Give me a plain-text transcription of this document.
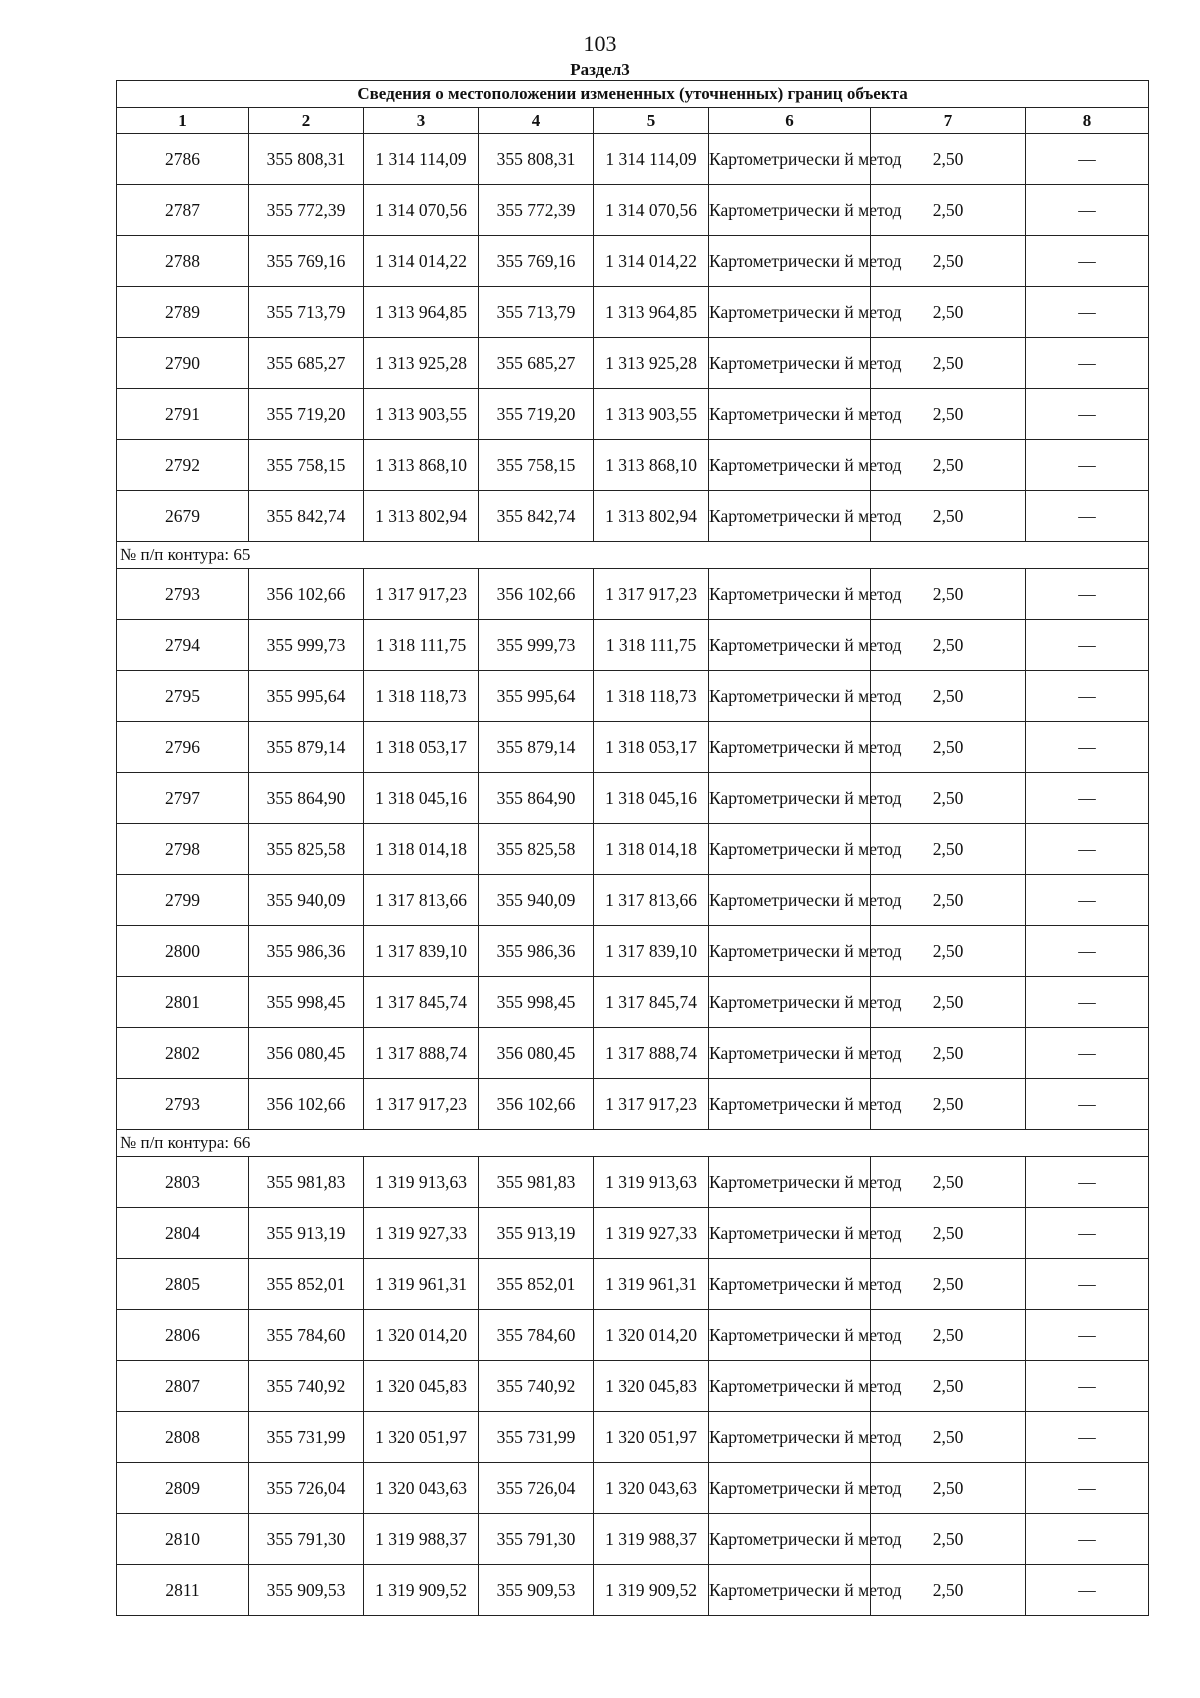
103
Раздел3
Сведения о местоположении измененных (уточненных) границ объекта							
1	2	3	4	5	6	7	8
2786	355 808,31	1 314 114,09	355 808,31	1 314 114,09	Картометрически й метод	2,50	—
2787	355 772,39	1 314 070,56	355 772,39	1 314 070,56	Картометрически й метод	2,50	—
2788	355 769,16	1 314 014,22	355 769,16	1 314 014,22	Картометрически й метод	2,50	—
2789	355 713,79	1 313 964,85	355 713,79	1 313 964,85	Картометрически й метод	2,50	—
2790	355 685,27	1 313 925,28	355 685,27	1 313 925,28	Картометрически й метод	2,50	—
2791	355 719,20	1 313 903,55	355 719,20	1 313 903,55	Картометрически й метод	2,50	—
2792	355 758,15	1 313 868,10	355 758,15	1 313 868,10	Картометрически й метод	2,50	—
2679	355 842,74	1 313 802,94	355 842,74	1 313 802,94	Картометрически й метод	2,50	—
№ п/п контура: 65							
2793	356 102,66	1 317 917,23	356 102,66	1 317 917,23	Картометрически й метод	2,50	—
2794	355 999,73	1 318 111,75	355 999,73	1 318 111,75	Картометрически й метод	2,50	—
2795	355 995,64	1 318 118,73	355 995,64	1 318 118,73	Картометрически й метод	2,50	—
2796	355 879,14	1 318 053,17	355 879,14	1 318 053,17	Картометрически й метод	2,50	—
2797	355 864,90	1 318 045,16	355 864,90	1 318 045,16	Картометрически й метод	2,50	—
2798	355 825,58	1 318 014,18	355 825,58	1 318 014,18	Картометрически й метод	2,50	—
2799	355 940,09	1 317 813,66	355 940,09	1 317 813,66	Картометрически й метод	2,50	—
2800	355 986,36	1 317 839,10	355 986,36	1 317 839,10	Картометрически й метод	2,50	—
2801	355 998,45	1 317 845,74	355 998,45	1 317 845,74	Картометрически й метод	2,50	—
2802	356 080,45	1 317 888,74	356 080,45	1 317 888,74	Картометрически й метод	2,50	—
2793	356 102,66	1 317 917,23	356 102,66	1 317 917,23	Картометрически й метод	2,50	—
№ п/п контура: 66							
2803	355 981,83	1 319 913,63	355 981,83	1 319 913,63	Картометрически й метод	2,50	—
2804	355 913,19	1 319 927,33	355 913,19	1 319 927,33	Картометрически й метод	2,50	—
2805	355 852,01	1 319 961,31	355 852,01	1 319 961,31	Картометрически й метод	2,50	—
2806	355 784,60	1 320 014,20	355 784,60	1 320 014,20	Картометрически й метод	2,50	—
2807	355 740,92	1 320 045,83	355 740,92	1 320 045,83	Картометрически й метод	2,50	—
2808	355 731,99	1 320 051,97	355 731,99	1 320 051,97	Картометрически й метод	2,50	—
2809	355 726,04	1 320 043,63	355 726,04	1 320 043,63	Картометрически й метод	2,50	—
2810	355 791,30	1 319 988,37	355 791,30	1 319 988,37	Картометрически й метод	2,50	—
2811	355 909,53	1 319 909,52	355 909,53	1 319 909,52	Картометрически й метод	2,50	—
